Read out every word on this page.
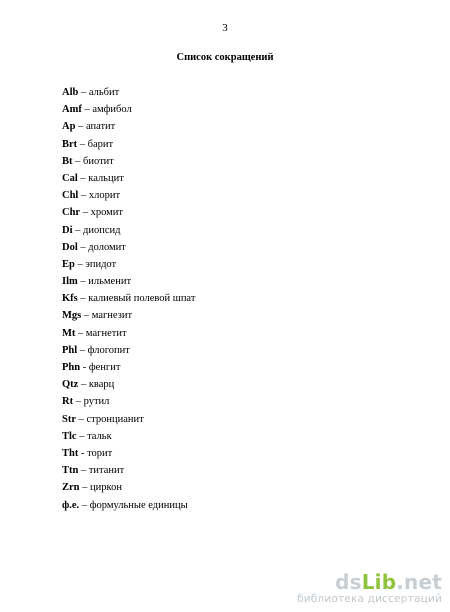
3
Список сокращений
Alb – альбит
Amf – амфибол
Ap – апатит
Brt – барит
Bt – биотит
Cal – кальцит
Chl – хлорит
Chr – хромит
Di – диопсид
Dol – доломит
Ep – эпидот
Ilm – ильменит
Kfs – калиевый полевой шпат
Mgs – магнезит
Mt – магнетит
Phl – флогопит
Phn - фенгит
Qtz – кварц
Rt – рутил
Str – стронцианит
Tlc – тальк
Tht - торит
Ttn – титанит
Zrn – циркон
ф.е. – формульные единицы
dsLib.net
библиотека диссертаций
